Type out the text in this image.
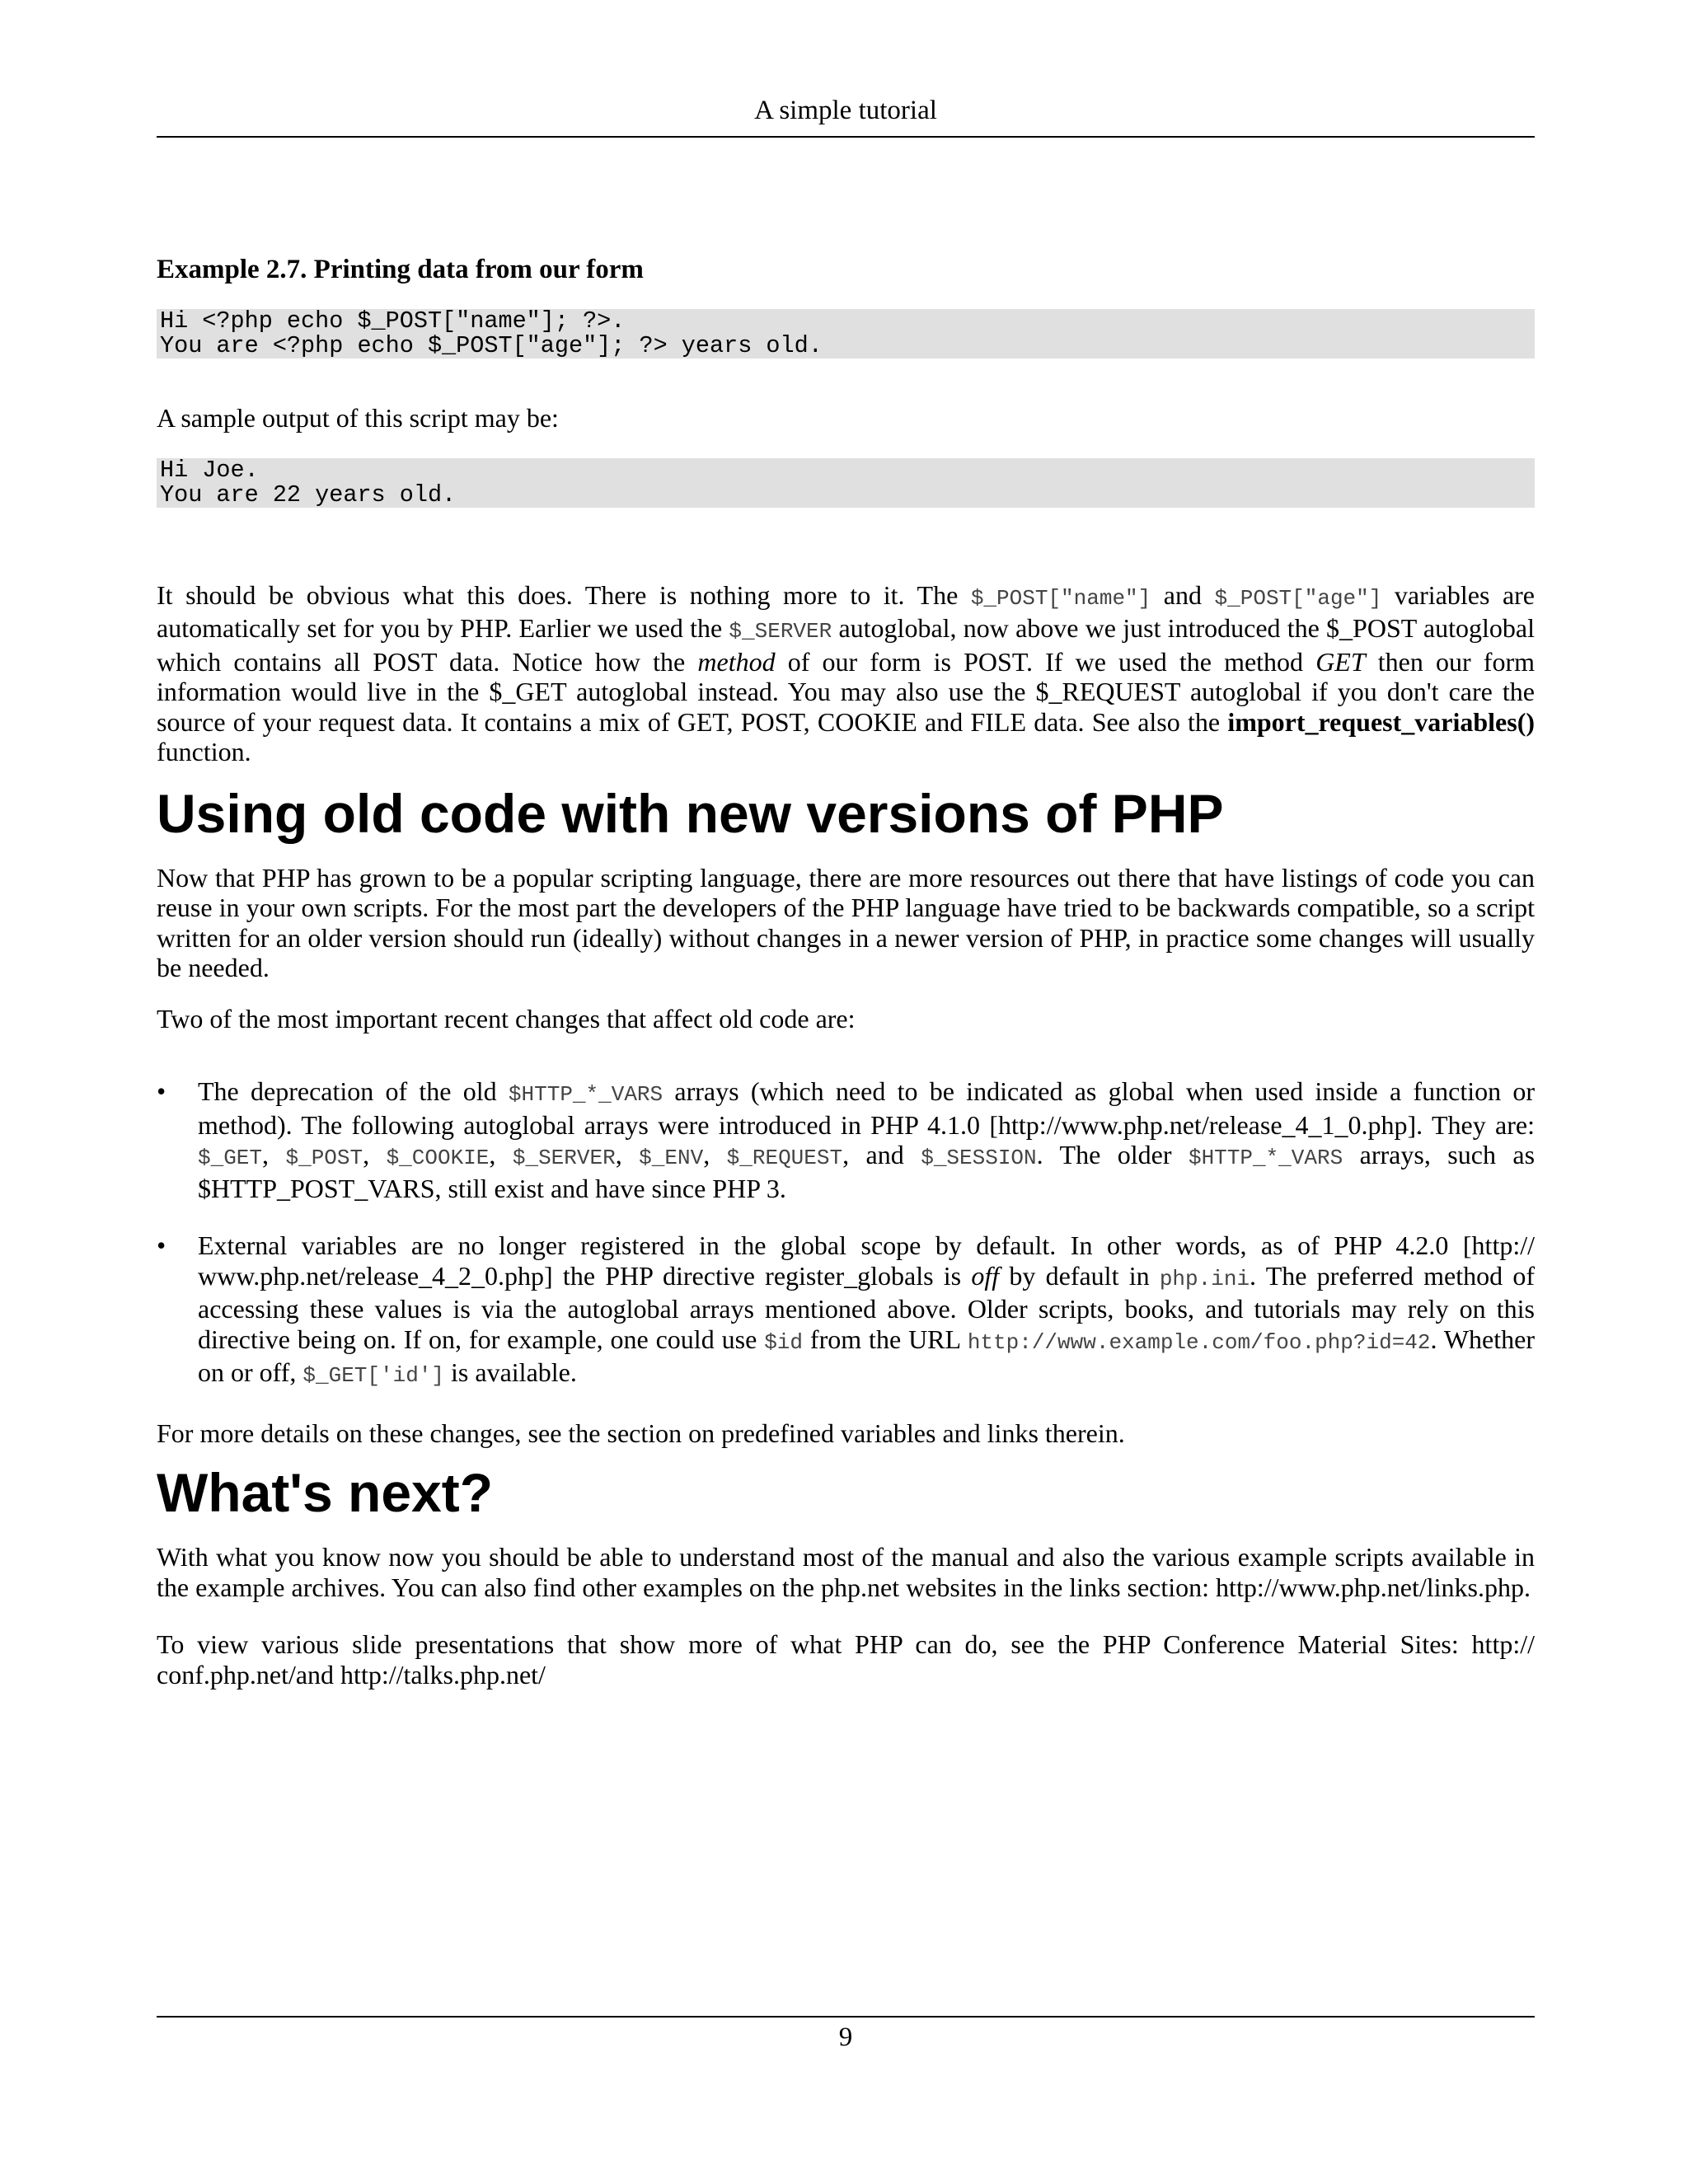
A simple tutorial
Example 2.7. Printing data from our form
Hi <?php echo $_POST["name"]; ?>.
You are <?php echo $_POST["age"]; ?> years old.

A sample output of this script may be:

Hi Joe.
You are 22 years old.

It should be obvious what this does. There is nothing more to it. The $_POST["name"] and $_POST["age"] variables are automatically set for you by PHP. Earlier we used the $_SERVER autoglobal, now above we just introduced the $_POST autoglobal which contains all POST data. Notice how the method of our form is POST. If we used the method GET then our form information would live in the $_GET autoglobal instead. You may also use the $_REQUEST autoglobal if you don't care the source of your request data. It contains a mix of GET, POST, COOKIE and FILE data. See also the import_request_variables() function.

Using old code with new versions of PHP

Now that PHP has grown to be a popular scripting language, there are more resources out there that have listings of code you can reuse in your own scripts. For the most part the developers of the PHP language have tried to be backwards compatible, so a script written for an older version should run (ideally) without changes in a newer version of PHP, in practice some changes will usually be needed.

Two of the most important recent changes that affect old code are:

• The deprecation of the old $HTTP_*_VARS arrays (which need to be indicated as global when used inside a function or method). The following autoglobal arrays were introduced in PHP 4.1.0 [http://www.php.net/release_4_1_0.php]. They are: $_GET, $_POST, $_COOKIE, $_SERVER, $_ENV, $_REQUEST, and $_SESSION. The older $HTTP_*_VARS arrays, such as $HTTP_POST_VARS, still exist and have since PHP 3.
• External variables are no longer registered in the global scope by default. In other words, as of PHP 4.2.0 [http://​www.php.net/release_4_2_0.php] the PHP directive register_globals is off by default in php.ini. The preferred method of accessing these values is via the autoglobal arrays mentioned above. Older scripts, books, and tutorials may rely on this directive being on. If on, for example, one could use $id from the URL http://www.example.com/foo.php?id=42. Whether on or off, $_GET['id'] is available.

For more details on these changes, see the section on predefined variables and links therein.

What's next?

With what you know now you should be able to understand most of the manual and also the various example scripts available in the example archives. You can also find other examples on the php.net websites in the links section: http://​www.php.net/links.php.

To view various slide presentations that show more of what PHP can do, see the PHP Conference Material Sites: http://​conf.php.net/and http://talks.php.net/

9
